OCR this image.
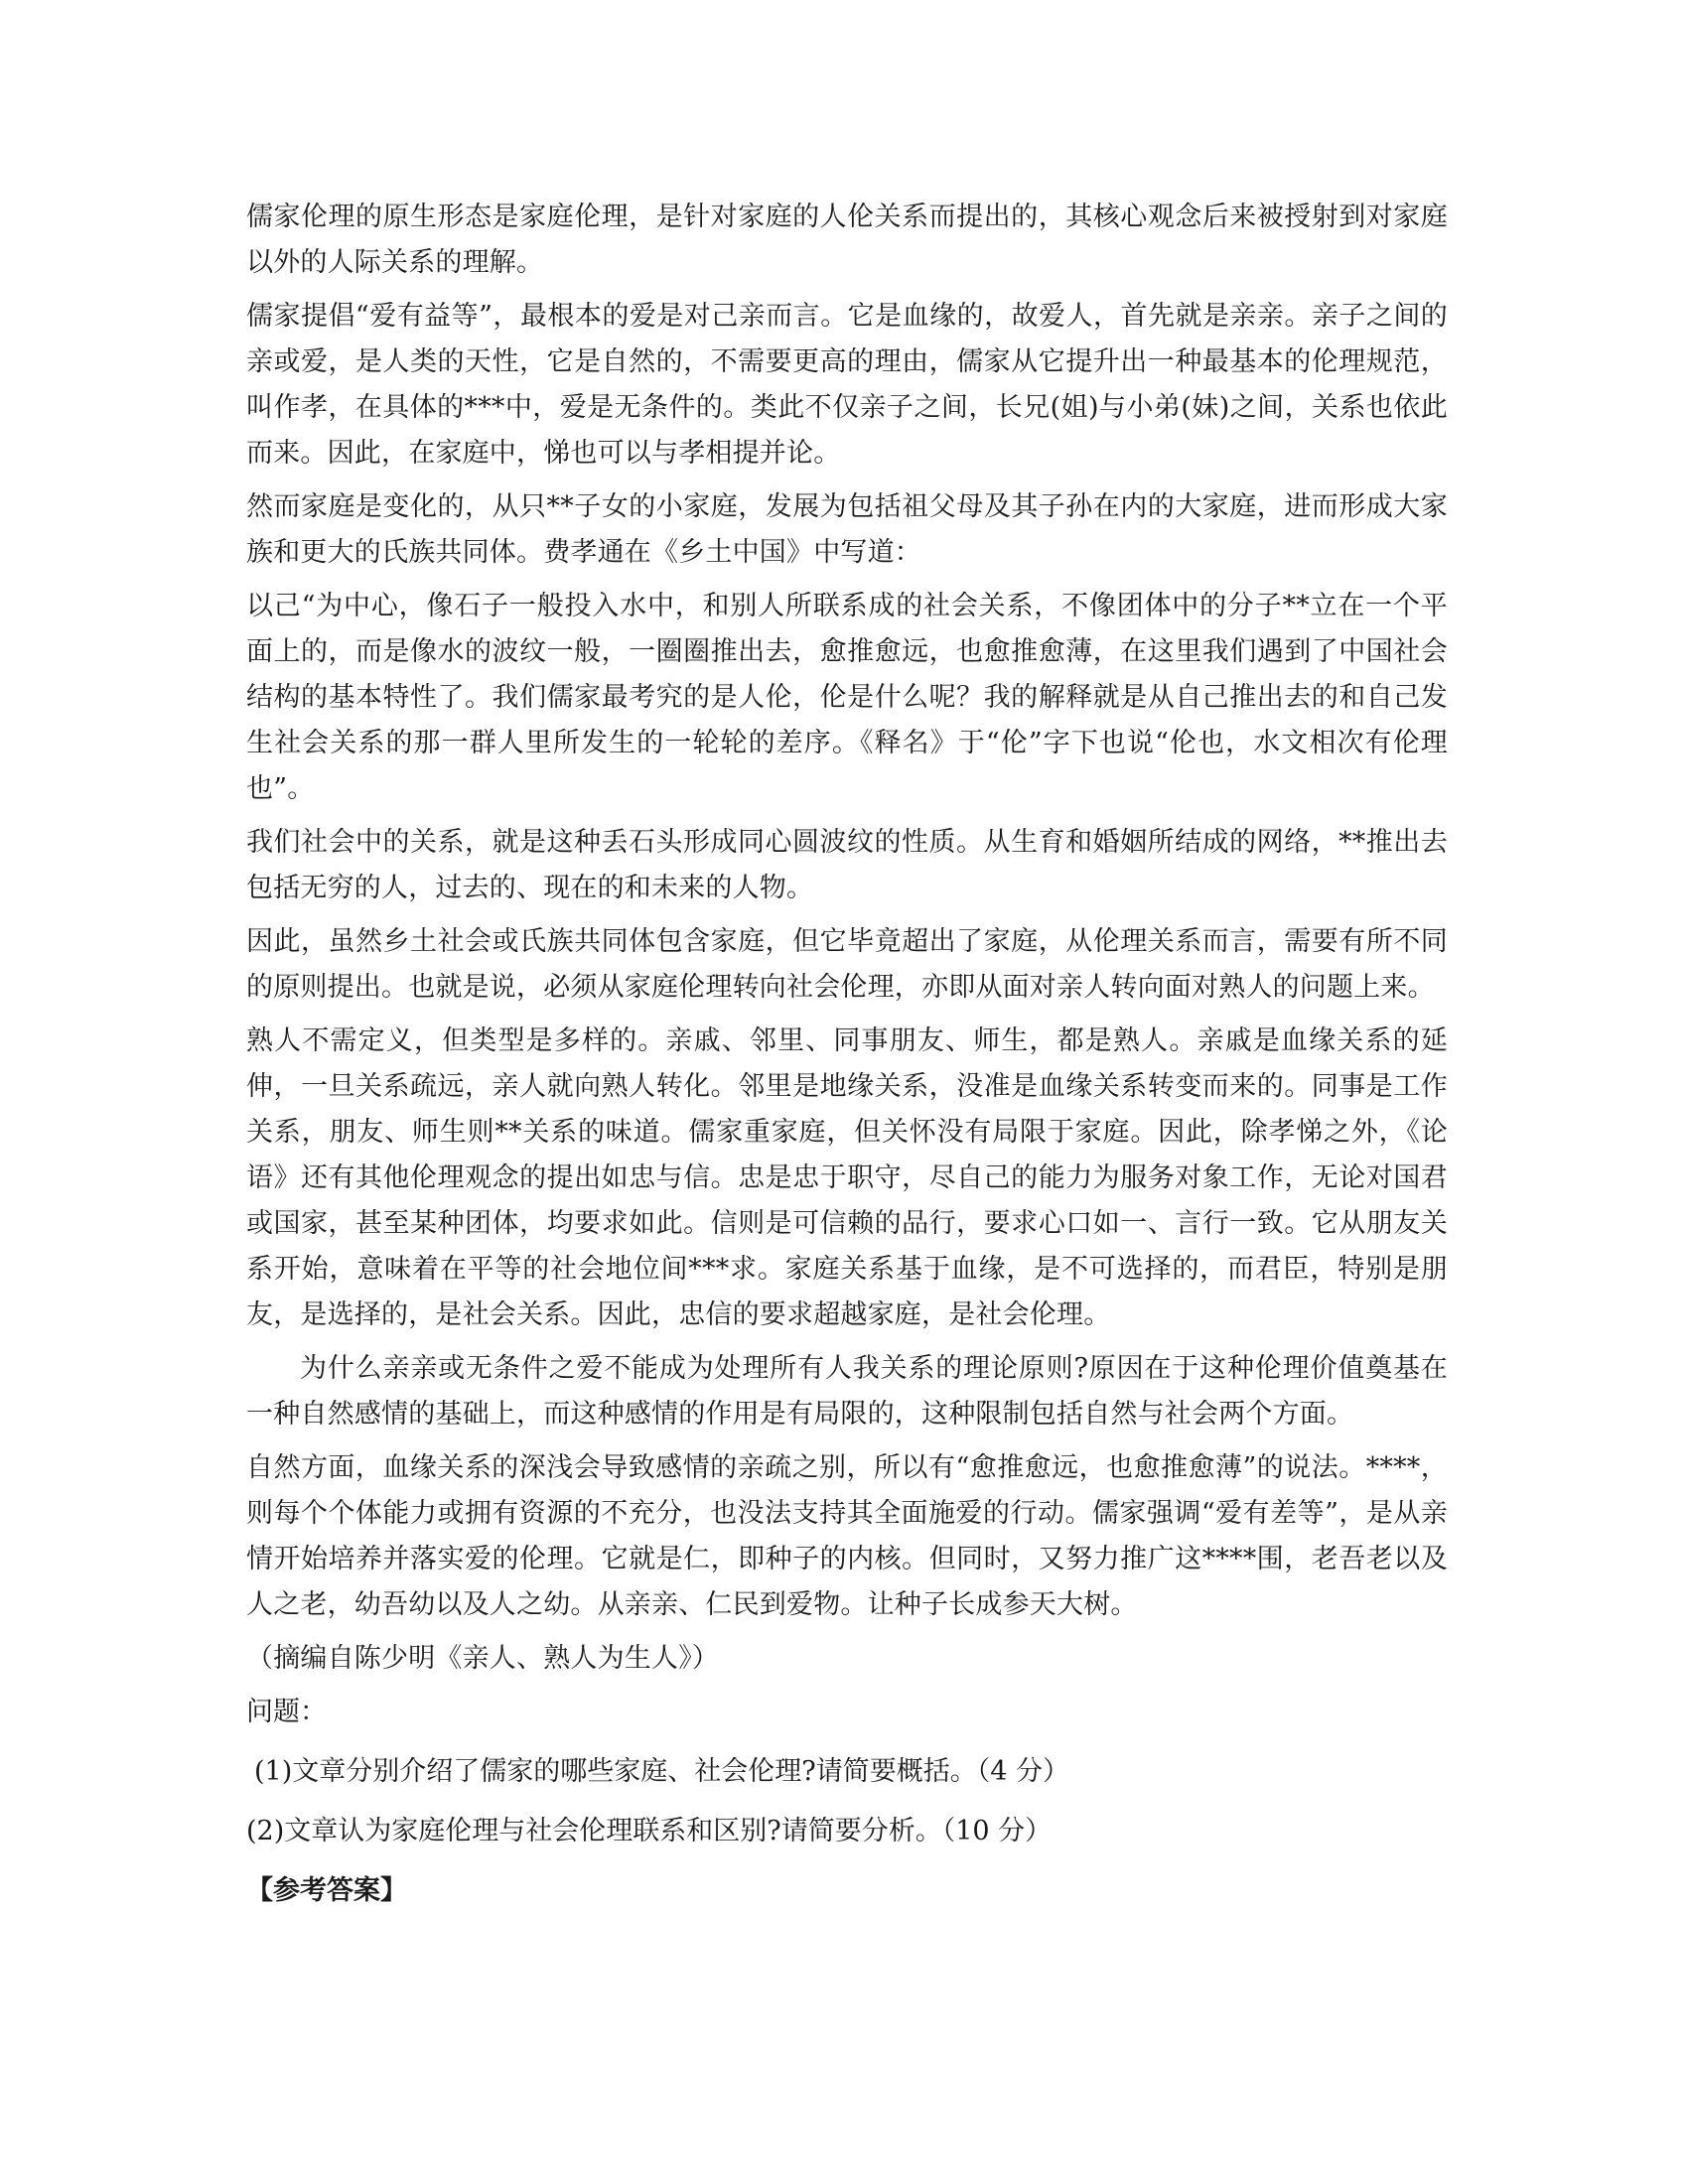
儒家伦理的原生形态是家庭伦理，是针对家庭的人伦关系而提出的，其核心观念后来被授射到对家庭以外的人际关系的理解。

儒家提倡“爱有益等”，最根本的爱是对己亲而言。它是血缘的，故爱人，首先就是亲亲。亲子之间的亲或爱，是人类的天性，它是自然的，不需要更高的理由，儒家从它提升出一种最基本的伦理规范，叫作孝，在具体的***中，爱是无条件的。类此不仅亲子之间，长兄(姐)与小弟(妹)之间，关系也依此而来。因此，在家庭中，悌也可以与孝相提并论。

然而家庭是变化的，从只**子女的小家庭，发展为包括祖父母及其子孙在内的大家庭，进而形成大家族和更大的氏族共同体。费孝通在《乡土中国》中写道：

以己“为中心，像石子一般投入水中，和别人所联系成的社会关系，不像团体中的分子**立在一个平面上的，而是像水的波纹一般，一圈圈推出去，愈推愈远，也愈推愈薄，在这里我们遇到了中国社会结构的基本特性了。我们儒家最考究的是人伦，伦是什么呢？我的解释就是从自己推出去的和自己发生社会关系的那一群人里所发生的一轮轮的差序。《释名》于“伦”字下也说“伦也，水文相次有伦理也”。

我们社会中的关系，就是这种丢石头形成同心圆波纹的性质。从生育和婚姻所结成的网络，**推出去包括无穷的人，过去的、现在的和未来的人物。

因此，虽然乡土社会或氏族共同体包含家庭，但它毕竟超出了家庭，从伦理关系而言，需要有所不同的原则提出。也就是说，必须从家庭伦理转向社会伦理，亦即从面对亲人转向面对熟人的问题上来。

熟人不需定义，但类型是多样的。亲戚、邻里、同事朋友、师生，都是熟人。亲戚是血缘关系的延伸，一旦关系疏远，亲人就向熟人转化。邻里是地缘关系，没准是血缘关系转变而来的。同事是工作关系，朋友、师生则**关系的味道。儒家重家庭，但关怀没有局限于家庭。因此，除孝悌之外，《论语》还有其他伦理观念的提出如忠与信。忠是忠于职守，尽自己的能力为服务对象工作，无论对国君或国家，甚至某种团体，均要求如此。信则是可信赖的品行，要求心口如一、言行一致。它从朋友关系开始，意味着在平等的社会地位间***求。家庭关系基于血缘，是不可选择的，而君臣，特别是朋友，是选择的，是社会关系。因此，忠信的要求超越家庭，是社会伦理。

为什么亲亲或无条件之爱不能成为处理所有人我关系的理论原则?原因在于这种伦理价值奠基在一种自然感情的基础上，而这种感情的作用是有局限的，这种限制包括自然与社会两个方面。

自然方面，血缘关系的深浅会导致感情的亲疏之别，所以有“愈推愈远，也愈推愈薄”的说法。****，则每个个体能力或拥有资源的不充分，也没法支持其全面施爱的行动。儒家强调“爱有差等”，是从亲情开始培养并落实爱的伦理。它就是仁，即种子的内核。但同时，又努力推广这****围，老吾老以及人之老，幼吾幼以及人之幼。从亲亲、仁民到爱物。让种子长成参天大树。

（摘编自陈少明《亲人、熟人为生人》）

问题：

(1)文章分别介绍了儒家的哪些家庭、社会伦理?请简要概括。（4 分）

(2)文章认为家庭伦理与社会伦理联系和区别?请简要分析。（10 分）

【参考答案】
